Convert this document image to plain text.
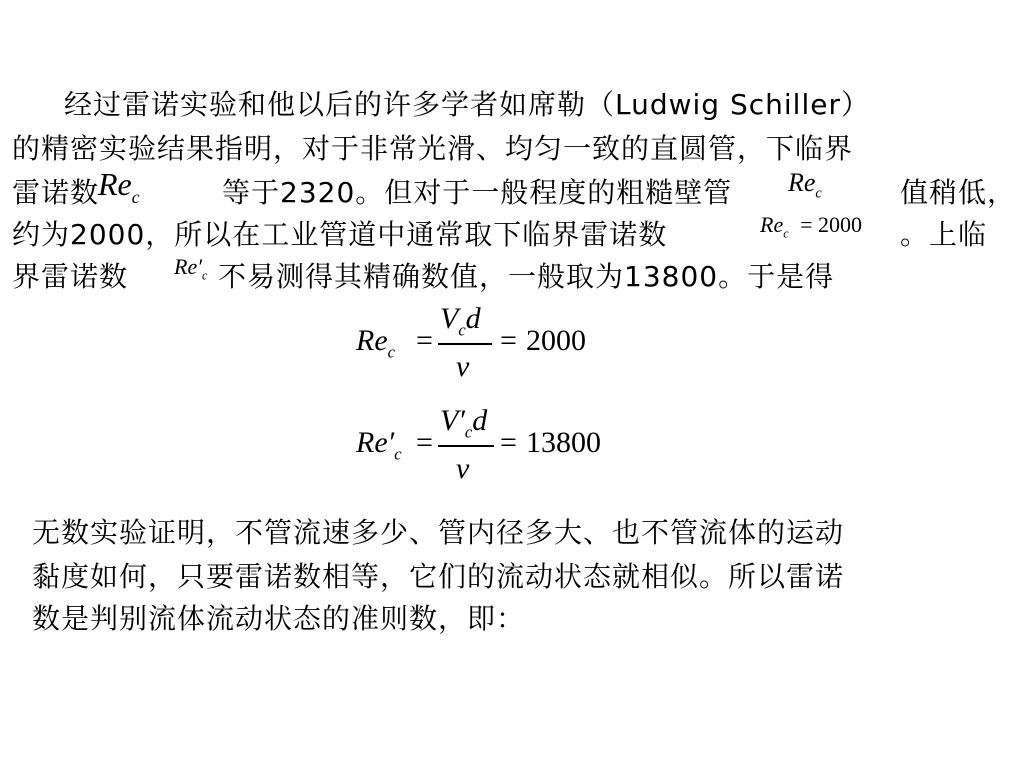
经过雷诺实验和他以后的许多学者如席勒（Ludwig Schiller）
的精密实验结果指明，对于非常光滑、均匀一致的直圆管，下临界
雷诺数
$Re_c$	等于2320。但对于一般程度的粗糙壁管 $Re_c$	值稍低，
约为2000，所以在工业管道中通常取下临界雷诺数	$Re_c = 2000$ 。上临
界雷诺数 $Re'_c$ 不易测得其精确数值，一般取为13800。于是得
$Re_c$ =
$V_cd$
ν
= 2000
$Re'_c$ =
$V'_cd$
ν
= 13800
无数实验证明，不管流速多少、管内径多大、也不管流体的运动
黏度如何，只要雷诺数相等，它们的流动状态就相似。所以雷诺
数是判别流体流动状态的准则数，即：
